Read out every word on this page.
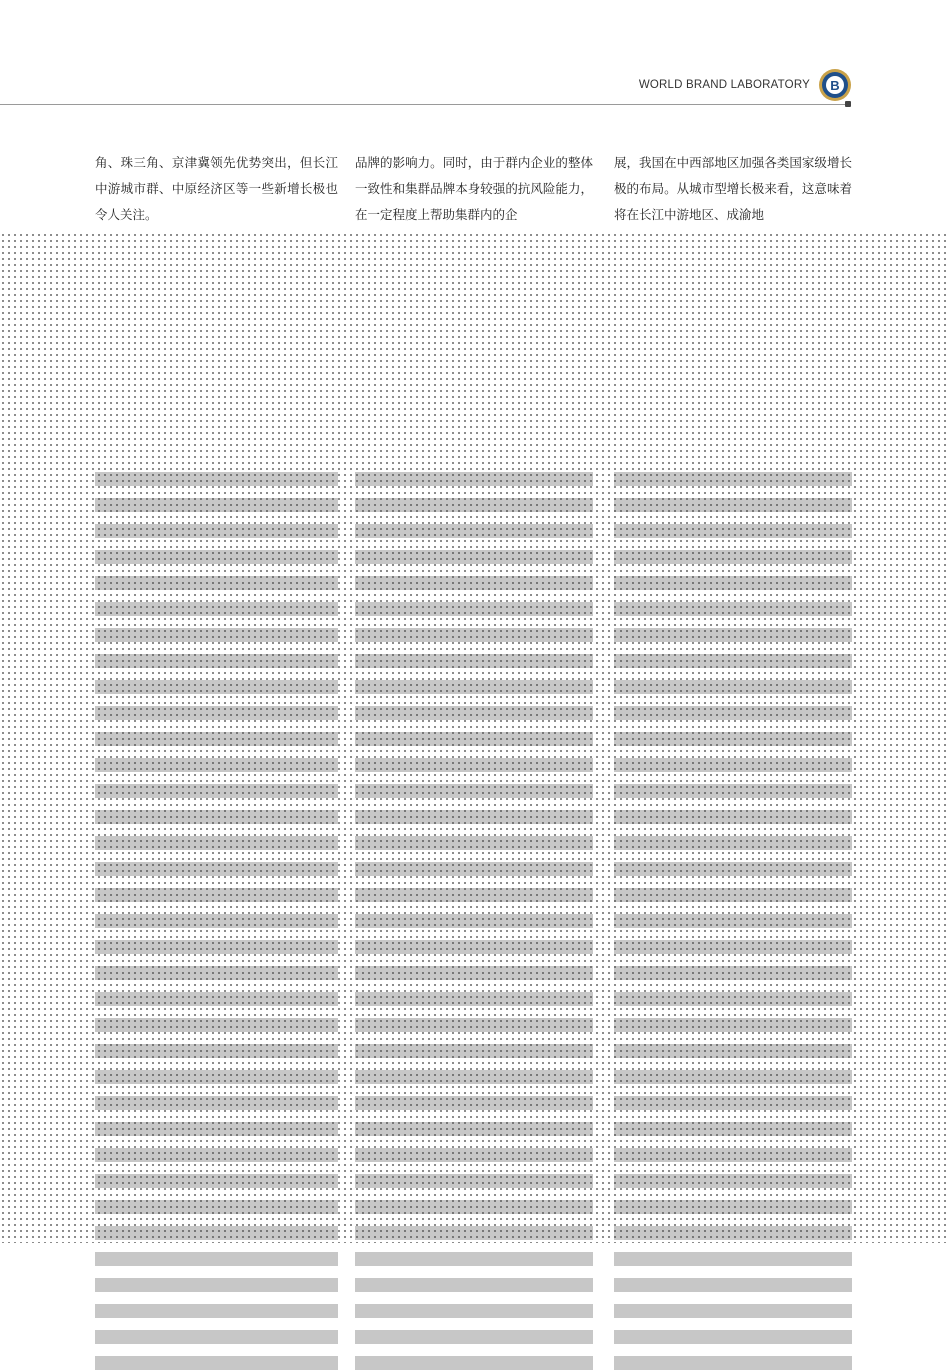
WORLD BRAND LABORATORY B
角、珠三角、京津冀领先优势突出，但长江中游城市群、中原经济区等一些新增长极也令人关注。
品牌的影响力。同时，由于群内企业的整体一致性和集群品牌本身较强的抗风险能力，在一定程度上帮助集群内的企
展，我国在中西部地区加强各类国家级增长极的布局。从城市型增长极来看，这意味着将在长江中游地区、成渝地
